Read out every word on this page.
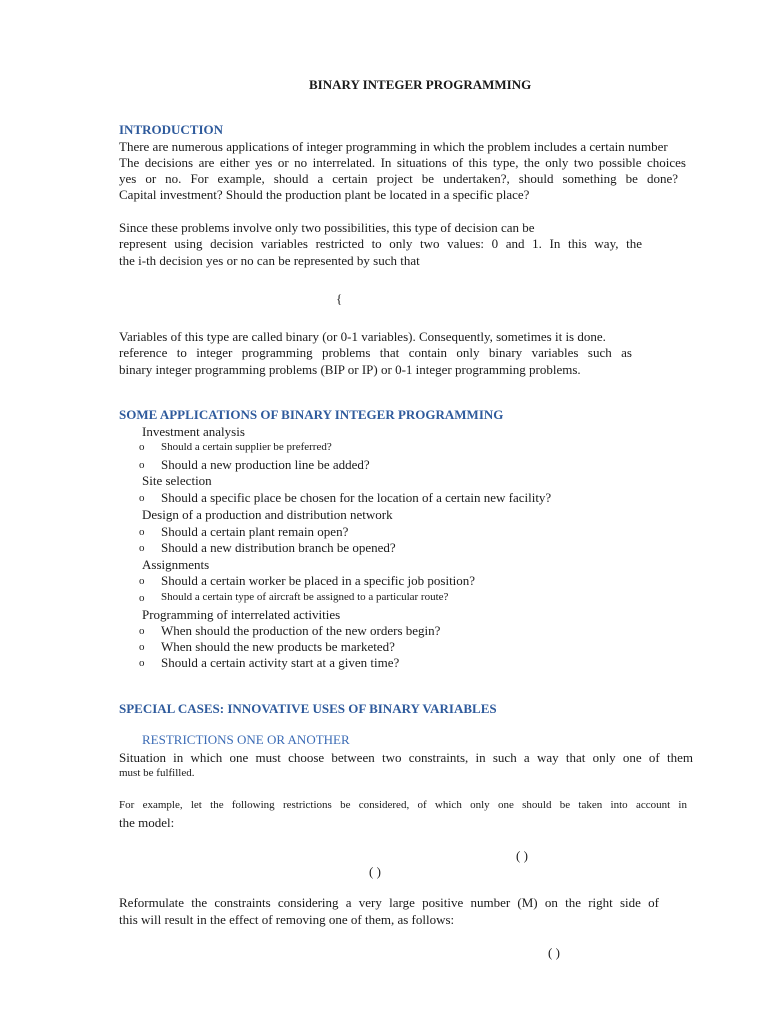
BINARY INTEGER PROGRAMMING
INTRODUCTION
There are numerous applications of integer programming in which the problem includes a certain number
The decisions are either yes or no interrelated. In situations of this type, the only two possible choices
yes or no. For example, should a certain project be undertaken?, should something be done?
Capital investment? Should the production plant be located in a specific place?
Since these problems involve only two possibilities, this type of decision can be
represent using decision variables restricted to only two values: 0 and 1. In this way, the
the i-th decision yes or no can be represented by such that
{
Variables of this type are called binary (or 0-1 variables). Consequently, sometimes it is done.
reference to integer programming problems that contain only binary variables such as
binary integer programming problems (BIP or IP) or 0-1 integer programming problems.
SOME APPLICATIONS OF BINARY INTEGER PROGRAMMING
Investment analysis
o Should a certain supplier be preferred?
o Should a new production line be added?
Site selection
o Should a specific place be chosen for the location of a certain new facility?
Design of a production and distribution network
o Should a certain plant remain open?
o Should a new distribution branch be opened?
Assignments
o Should a certain worker be placed in a specific job position?
o Should a certain type of aircraft be assigned to a particular route?
Programming of interrelated activities
o When should the production of the new orders begin?
o When should the new products be marketed?
o Should a certain activity start at a given time?
SPECIAL CASES: INNOVATIVE USES OF BINARY VARIABLES
RESTRICTIONS ONE OR ANOTHER
Situation in which one must choose between two constraints, in such a way that only one of them
must be fulfilled.
For example, let the following restrictions be considered, of which only one should be taken into account in
the model:
( )
( )
Reformulate the constraints considering a very large positive number (M) on the right side of
this will result in the effect of removing one of them, as follows:
( )
